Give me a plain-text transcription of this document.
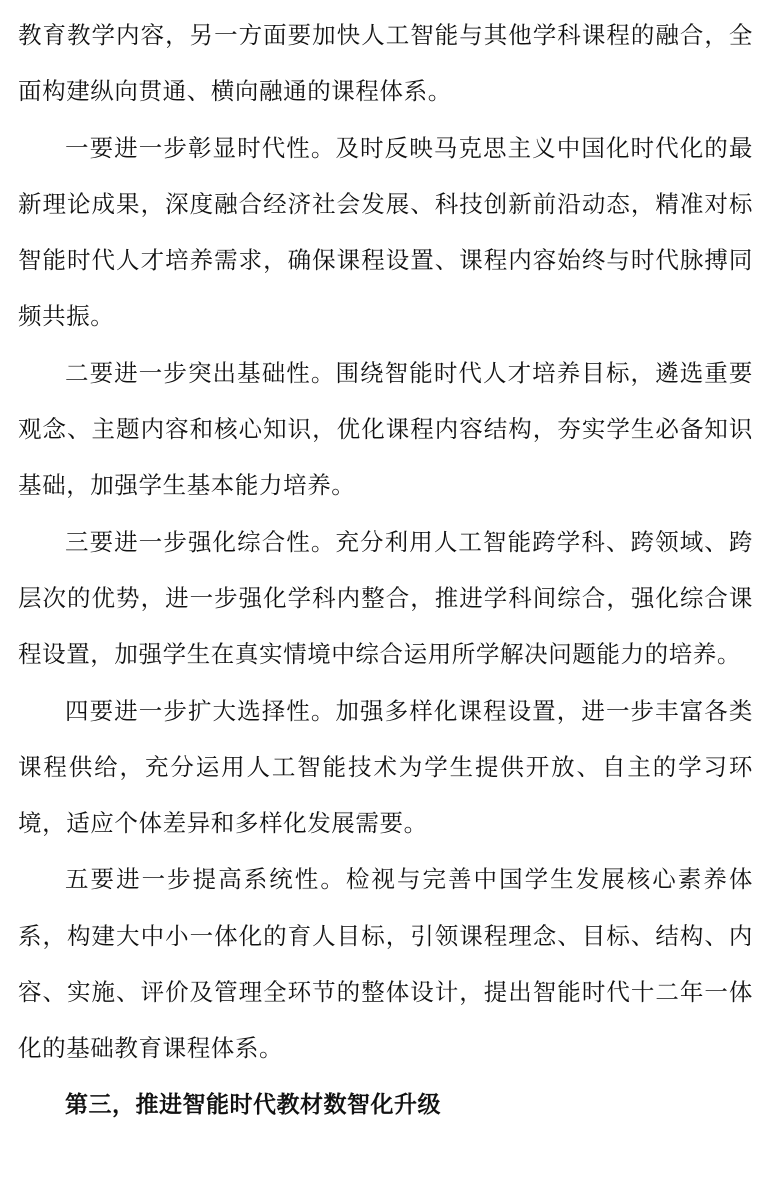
教育教学内容，另一方面要加快人工智能与其他学科课程的融合，全面构建纵向贯通、横向融通的课程体系。

一要进一步彰显时代性。及时反映马克思主义中国化时代化的最新理论成果，深度融合经济社会发展、科技创新前沿动态，精准对标智能时代人才培养需求，确保课程设置、课程内容始终与时代脉搏同频共振。

二要进一步突出基础性。围绕智能时代人才培养目标，遴选重要观念、主题内容和核心知识，优化课程内容结构，夯实学生必备知识基础，加强学生基本能力培养。

三要进一步强化综合性。充分利用人工智能跨学科、跨领域、跨层次的优势，进一步强化学科内整合，推进学科间综合，强化综合课程设置，加强学生在真实情境中综合运用所学解决问题能力的培养。

四要进一步扩大选择性。加强多样化课程设置，进一步丰富各类课程供给，充分运用人工智能技术为学生提供开放、自主的学习环境，适应个体差异和多样化发展需要。

五要进一步提高系统性。检视与完善中国学生发展核心素养体系，构建大中小一体化的育人目标，引领课程理念、目标、结构、内容、实施、评价及管理全环节的整体设计，提出智能时代十二年一体化的基础教育课程体系。

第三，推进智能时代教材数智化升级
